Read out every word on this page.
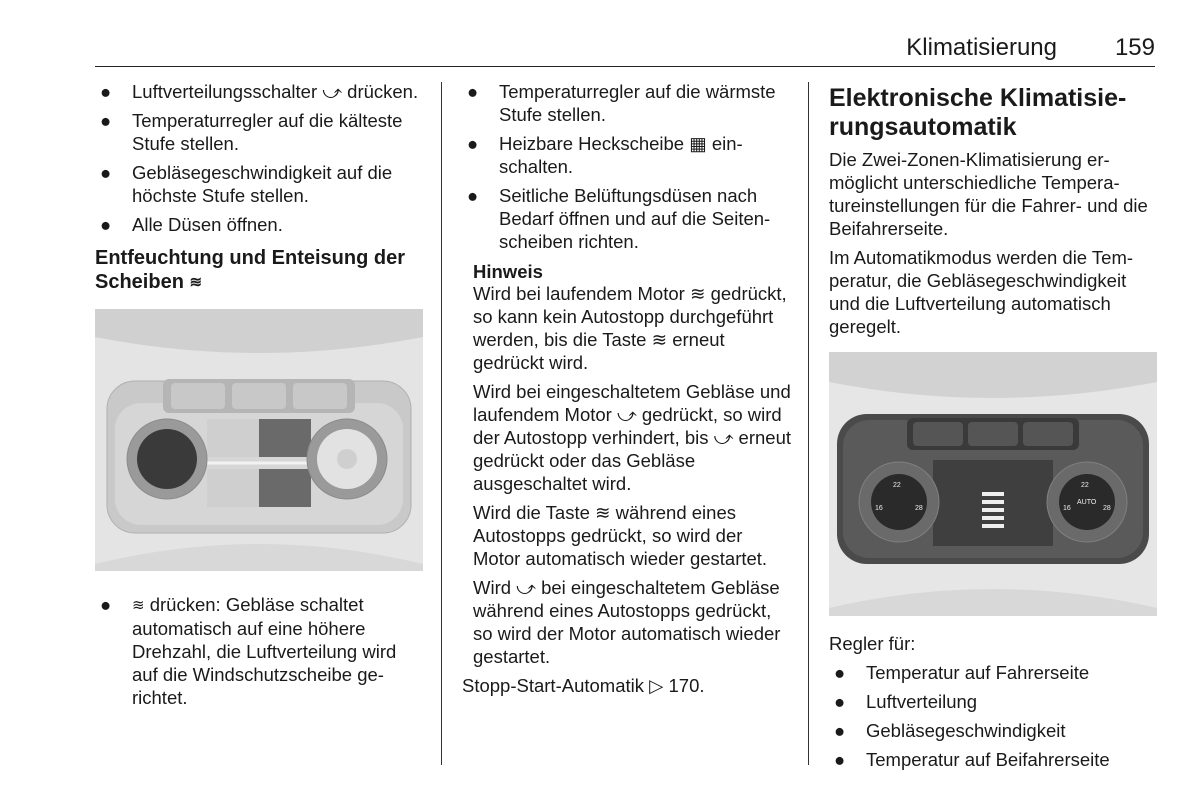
Klimatisierung 159
● Luftverteilungsschalter ⤻ drücken.
● Temperaturregler auf die kälteste Stufe stellen.
● Gebläsegeschwindigkeit auf die höchste Stufe stellen.
● Alle Düsen öffnen.
Entfeuchtung und Enteisung der Scheiben ≋
● ≋ drücken: Gebläse schaltet automatisch auf eine höhere Drehzahl, die Luftverteilung wird auf die Windschutzscheibe gerichtet.
● Temperaturregler auf die wärmste Stufe stellen.
● Heizbare Heckscheibe ▦ einschalten.
● Seitliche Belüftungsdüsen nach Bedarf öffnen und auf die Seitenscheiben richten.
Hinweis

Wird bei laufendem Motor ≋ gedrückt, so kann kein Autostopp durchgeführt werden, bis die Taste ≋ erneut gedrückt wird.

Wird bei eingeschaltetem Gebläse und laufendem Motor ⤻ gedrückt, so wird der Autostopp verhindert, bis ⤻ erneut gedrückt oder das Gebläse ausgeschaltet wird.

Wird die Taste ≋ während eines Autostopps gedrückt, so wird der Motor automatisch wieder gestartet.

Wird ⤻ bei eingeschaltetem Gebläse während eines Autostopps gedrückt, so wird der Motor automatisch wieder gestartet.

Stopp-Start-Automatik ▷ 170.

Elektronische Klimatisierungsautomatik

Die Zwei-Zonen-Klimatisierung ermöglicht unterschiedliche Temperatureinstellungen für die Fahrer- und die Beifahrerseite.

Im Automatikmodus werden die Temperatur, die Gebläsegeschwindigkeit und die Luftverteilung automatisch geregelt.

22
16	28
22
16	28
AUTO

Regler für:

● Temperatur auf Fahrerseite
● Luftverteilung
● Gebläsegeschwindigkeit
● Temperatur auf Beifahrerseite
